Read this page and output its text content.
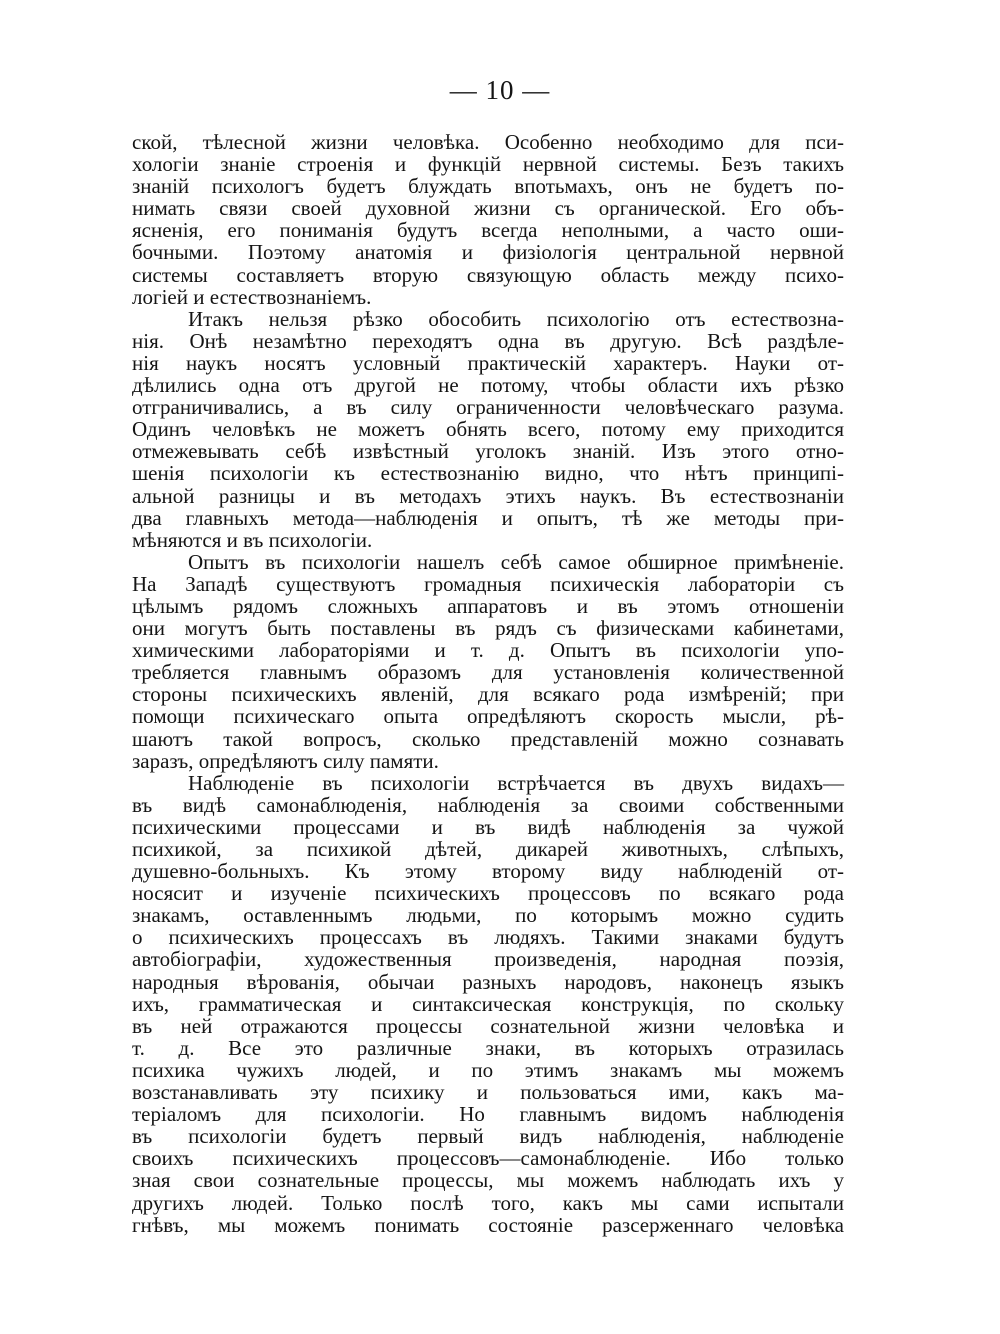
— 10 —
ской, тѣлесной жизни человѣка. Особенно необходимо для пси-
хологіи знаніе строенія и функцій нервной системы. Безъ такихъ
знаній психологъ будетъ блуждать впотьмахъ, онъ не будетъ по-
нимать связи своей духовной жизни съ органической. Его объ-
ясненія, его пониманія будутъ всегда неполными, а часто оши-
бочными. Поэтому анатомія и физіологія центральной нервной
системы составляетъ вторую связующую область между психо-
логіей и естествознаніемъ.
Итакъ нельзя рѣзко обособить психологію отъ естествозна-
нія. Онѣ незамѣтно переходятъ одна въ другую. Всѣ раздѣле-
нія наукъ носятъ условный практическій характеръ. Науки от-
дѣлились одна отъ другой не потому, чтобы области ихъ рѣзко
отграничивались, а въ силу ограниченности человѣческаго разума.
Одинъ человѣкъ не можетъ обнять всего, потому ему приходится
отмежевывать себѣ извѣстный уголокъ знаній. Изъ этого отно-
шенія психологіи къ естествознанію видно, что нѣтъ принципі-
альной разницы и въ методахъ этихъ наукъ. Въ естествознаніи
два главныхъ метода—наблюденія и опытъ, тѣ же методы при-
мѣняются и въ психологіи.
Опытъ въ психологіи нашелъ себѣ самое обширное примѣненіе.
На Западѣ существуютъ громадныя психическія лабораторіи съ
цѣлымъ рядомъ сложныхъ аппаратовъ и въ этомъ отношеніи
они могутъ быть поставлены въ рядъ съ физическами кабинетами,
химическими лабораторіями и т. д. Опытъ въ психологіи упо-
требляется главнымъ образомъ для установленія количественной
стороны психическихъ явленій, для всякаго рода измѣреній; при
помощи психическаго опыта опредѣляютъ скорость мысли, рѣ-
шаютъ такой вопросъ, сколько представленій можно сознавать
заразъ, опредѣляютъ силу памяти.
Наблюденіе въ психологіи встрѣчается въ двухъ видахъ—
въ видѣ самонаблюденія, наблюденія за своими собственными
психическими процессами и въ видѣ наблюденія за чужой
психикой, за психикой дѣтей, дикарей животныхъ, слѣпыхъ,
душевно-больныхъ. Къ этому второму виду наблюденій от-
носясит и изученіе психическихъ процессовъ по всякаго рода
знакамъ, оставленнымъ людьми, по которымъ можно судить
о психическихъ процессахъ въ людяхъ. Такими знаками будутъ
автобіографіи, художественныя произведенія, народная поэзія,
народныя вѣрованія, обычаи разныхъ народовъ, наконецъ языкъ
ихъ, грамматическая и синтаксическая конструкція, по скольку
въ ней отражаются процессы сознательной жизни человѣка и
т. д. Все это различные знаки, въ которыхъ отразилась
психика чужихъ людей, и по этимъ знакамъ мы можемъ
возстанавливать эту психику и пользоваться ими, какъ ма-
теріаломъ для психологіи. Но главнымъ видомъ наблюденія
въ психологіи будетъ первый видъ наблюденія, наблюденіе
своихъ психическихъ процессовъ—самонаблюденіе. Ибо только
зная свои сознательные процессы, мы можемъ наблюдать ихъ у
другихъ людей. Только послѣ того, какъ мы сами испытали
гнѣвъ, мы можемъ понимать состояніе разсерженнаго человѣка
